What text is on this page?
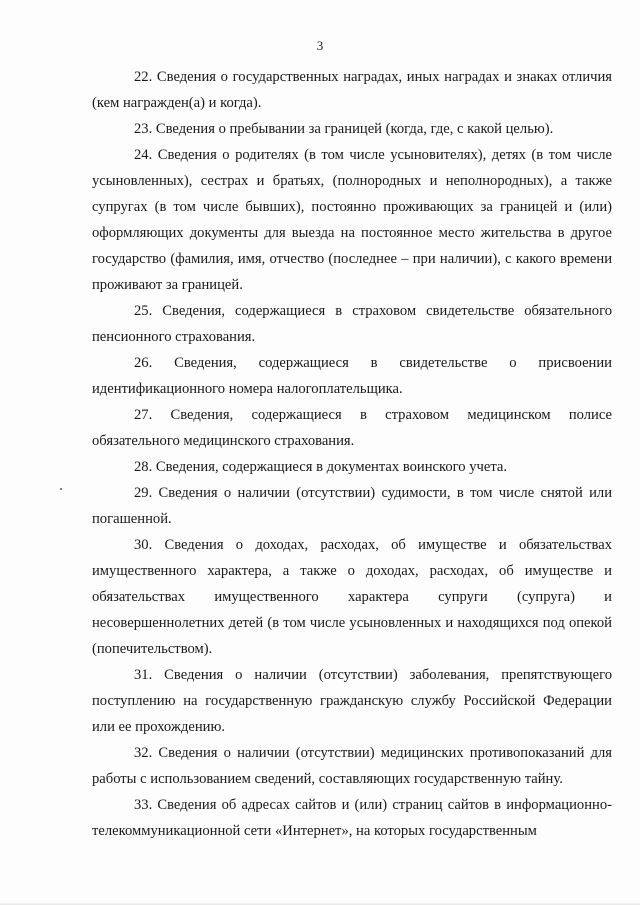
3

22. Сведения о государственных наградах, иных наградах и знаках отличия (кем награжден(а) и когда).

23. Сведения о пребывании за границей (когда, где, с какой целью).

24. Сведения о родителях (в том числе усыновителях), детях (в том числе усыновленных), сестрах и братьях, (полнородных и неполнородных), а также супругах (в том числе бывших), постоянно проживающих за границей и (или) оформляющих документы для выезда на постоянное место жительства в другое государство (фамилия, имя, отчество (последнее – при наличии), с какого времени проживают за границей.

25. Сведения, содержащиеся в страховом свидетельстве обязательного пенсионного страхования.

26. Сведения, содержащиеся в свидетельстве о присвоении идентификационного номера налогоплательщика.

27. Сведения, содержащиеся в страховом медицинском полисе обязательного медицинского страхования.

28. Сведения, содержащиеся в документах воинского учета.

29. Сведения о наличии (отсутствии) судимости, в том числе снятой или погашенной.

30. Сведения о доходах, расходах, об имуществе и обязательствах имущественного характера, а также о доходах, расходах, об имуществе и обязательствах имущественного характера супруги (супруга) и несовершеннолетних детей (в том числе усыновленных и находящихся под опекой (попечительством).

31. Сведения о наличии (отсутствии) заболевания, препятствующего поступлению на государственную гражданскую службу Российской Федерации или ее прохождению.

32. Сведения о наличии (отсутствии) медицинских противопоказаний для работы с использованием сведений, составляющих государственную тайну.

33. Сведения об адресах сайтов и (или) страниц сайтов в информационно-телекоммуникационной сети «Интернет», на которых государственным
